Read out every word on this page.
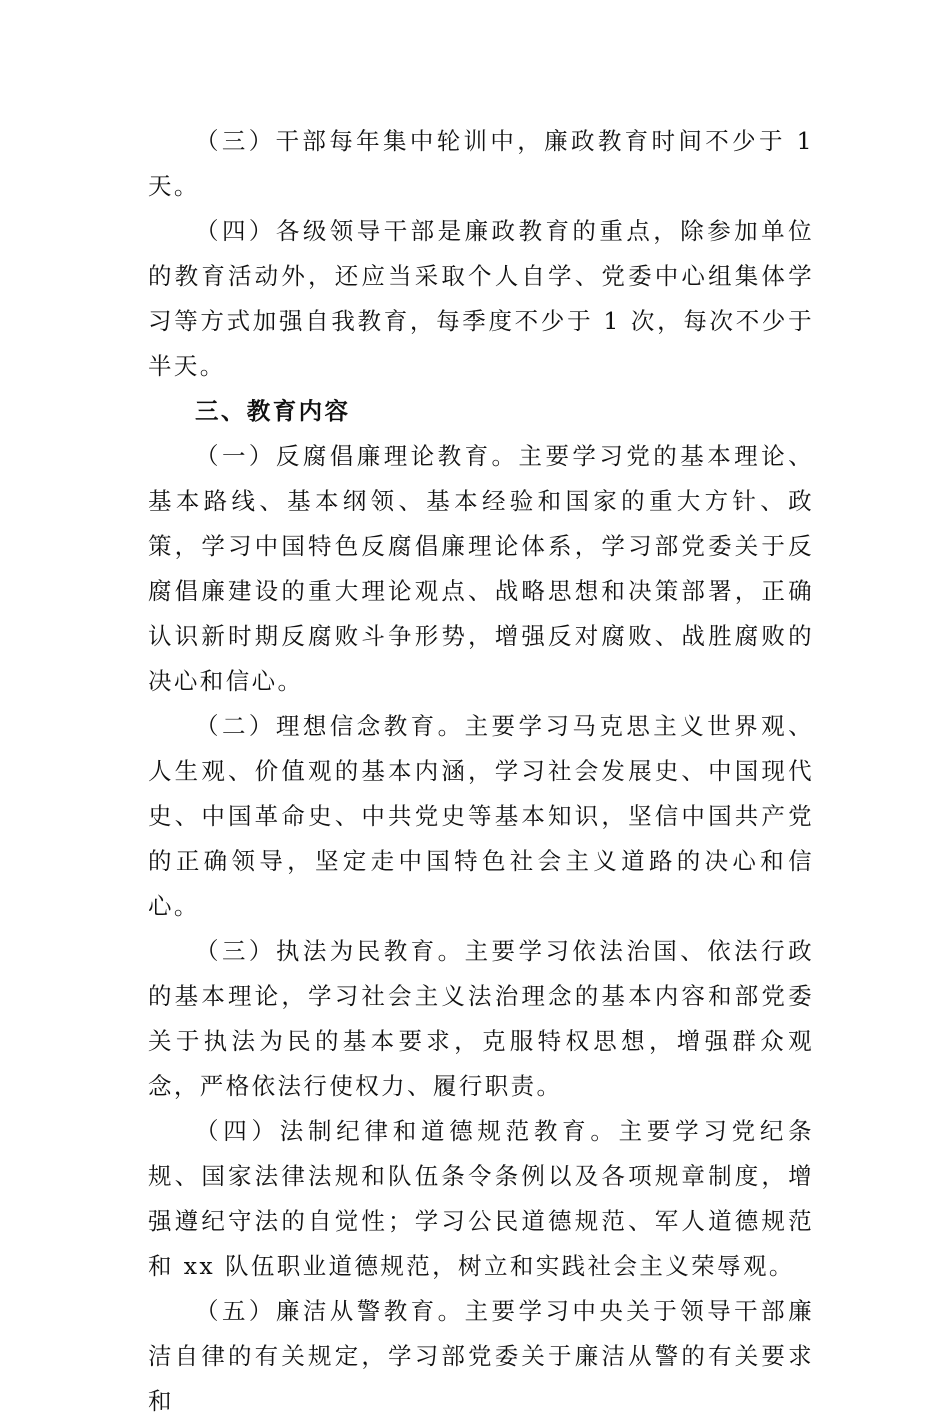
（三）干部每年集中轮训中，廉政教育时间不少于 1 天。

（四）各级领导干部是廉政教育的重点，除参加单位的教育活动外，还应当采取个人自学、党委中心组集体学习等方式加强自我教育，每季度不少于 1 次，每次不少于半天。

三、教育内容

（一）反腐倡廉理论教育。主要学习党的基本理论、基本路线、基本纲领、基本经验和国家的重大方针、政策，学习中国特色反腐倡廉理论体系，学习部党委关于反腐倡廉建设的重大理论观点、战略思想和决策部署，正确认识新时期反腐败斗争形势，增强反对腐败、战胜腐败的决心和信心。

（二）理想信念教育。主要学习马克思主义世界观、人生观、价值观的基本内涵，学习社会发展史、中国现代史、中国革命史、中共党史等基本知识，坚信中国共产党的正确领导，坚定走中国特色社会主义道路的决心和信心。

（三）执法为民教育。主要学习依法治国、依法行政的基本理论，学习社会主义法治理念的基本内容和部党委关于执法为民的基本要求，克服特权思想，增强群众观念，严格依法行使权力、履行职责。

（四）法制纪律和道德规范教育。主要学习党纪条规、国家法律法规和队伍条令条例以及各项规章制度，增强遵纪守法的自觉性；学习公民道德规范、军人道德规范和 xx 队伍职业道德规范，树立和实践社会主义荣辱观。

（五）廉洁从警教育。主要学习中央关于领导干部廉洁自律的有关规定，学习部党委关于廉洁从警的有关要求和
